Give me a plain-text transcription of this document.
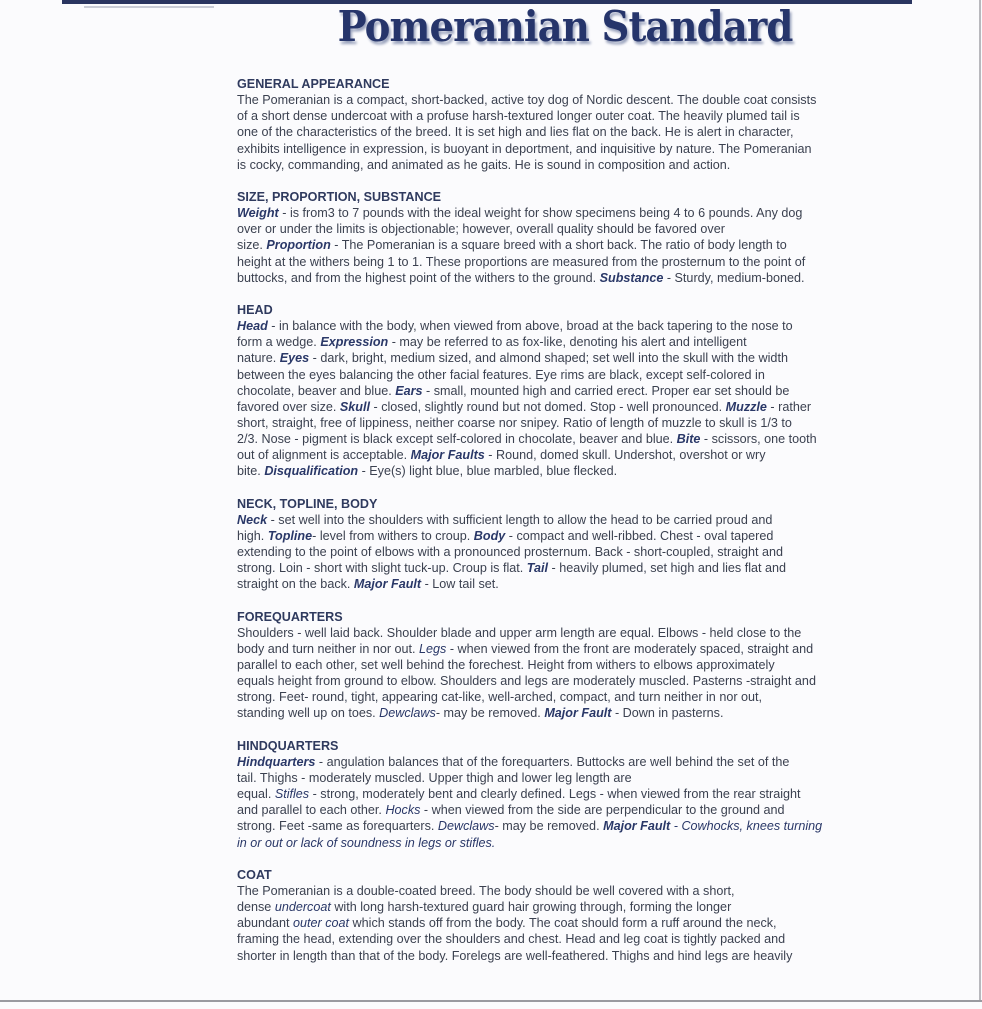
Pomeranian Standard
GENERAL APPEARANCE
The Pomeranian is a compact, short-backed, active toy dog of Nordic descent. The double coat consists
of a short dense undercoat with a profuse harsh-textured longer outer coat. The heavily plumed tail is
one of the characteristics of the breed. It is set high and lies flat on the back. He is alert in character,
exhibits intelligence in expression, is buoyant in deportment, and inquisitive by nature. The Pomeranian
is cocky, commanding, and animated as he gaits. He is sound in composition and action.
SIZE, PROPORTION, SUBSTANCE
Weight - is from3 to 7 pounds with the ideal weight for show specimens being 4 to 6 pounds. Any dog
over or under the limits is objectionable; however, overall quality should be favored over
size. Proportion - The Pomeranian is a square breed with a short back. The ratio of body length to
height at the withers being 1 to 1. These proportions are measured from the prosternum to the point of
buttocks, and from the highest point of the withers to the ground. Substance - Sturdy, medium-boned.
HEAD
Head - in balance with the body, when viewed from above, broad at the back tapering to the nose to
form a wedge. Expression - may be referred to as fox-like, denoting his alert and intelligent
nature. Eyes - dark, bright, medium sized, and almond shaped; set well into the skull with the width
between the eyes balancing the other facial features. Eye rims are black, except self-colored in
chocolate, beaver and blue. Ears - small, mounted high and carried erect. Proper ear set should be
favored over size. Skull - closed, slightly round but not domed. Stop - well pronounced. Muzzle - rather
short, straight, free of lippiness, neither coarse nor snipey. Ratio of length of muzzle to skull is 1/3 to
2/3. Nose - pigment is black except self-colored in chocolate, beaver and blue. Bite - scissors, one tooth
out of alignment is acceptable. Major Faults - Round, domed skull. Undershot, overshot or wry
bite. Disqualification - Eye(s) light blue, blue marbled, blue flecked.
NECK, TOPLINE, BODY
Neck - set well into the shoulders with sufficient length to allow the head to be carried proud and
high. Topline- level from withers to croup. Body - compact and well-ribbed. Chest - oval tapered
extending to the point of elbows with a pronounced prosternum. Back - short-coupled, straight and
strong. Loin - short with slight tuck-up. Croup is flat. Tail - heavily plumed, set high and lies flat and
straight on the back. Major Fault - Low tail set.
FOREQUARTERS
Shoulders - well laid back. Shoulder blade and upper arm length are equal. Elbows - held close to the
body and turn neither in nor out. Legs - when viewed from the front are moderately spaced, straight and
parallel to each other, set well behind the forechest. Height from withers to elbows approximately
equals height from ground to elbow. Shoulders and legs are moderately muscled. Pasterns -straight and
strong. Feet- round, tight, appearing cat-like, well-arched, compact, and turn neither in nor out,
standing well up on toes. Dewclaws- may be removed. Major Fault - Down in pasterns.
HINDQUARTERS
Hindquarters - angulation balances that of the forequarters. Buttocks are well behind the set of the
tail. Thighs - moderately muscled. Upper thigh and lower leg length are
equal. Stifles - strong, moderately bent and clearly defined. Legs - when viewed from the rear straight
and parallel to each other. Hocks - when viewed from the side are perpendicular to the ground and
strong. Feet -same as forequarters. Dewclaws- may be removed. Major Fault - Cowhocks, knees turning
in or out or lack of soundness in legs or stifles.
COAT
The Pomeranian is a double-coated breed. The body should be well covered with a short,
dense undercoat with long harsh-textured guard hair growing through, forming the longer
abundant outer coat which stands off from the body. The coat should form a ruff around the neck,
framing the head, extending over the shoulders and chest. Head and leg coat is tightly packed and
shorter in length than that of the body. Forelegs are well-feathered. Thighs and hind legs are heavily
